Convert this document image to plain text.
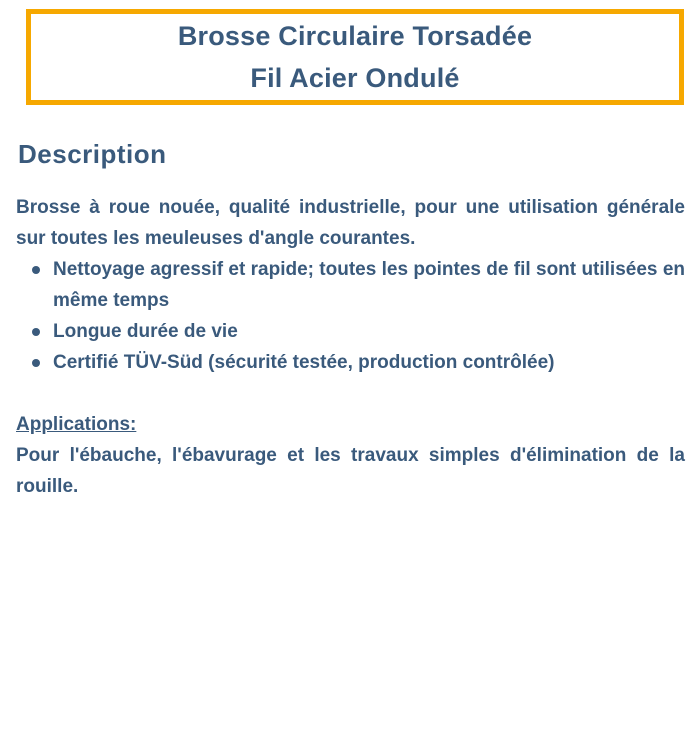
Brosse Circulaire Torsadée
Fil Acier Ondulé
Description

Brosse à roue nouée, qualité industrielle, pour une utilisation générale sur toutes les meuleuses d'angle courantes.

Nettoyage agressif et rapide; toutes les pointes de fil sont utilisées en même temps
Longue durée de vie
Certifié TÜV-Süd (sécurité testée, production contrôlée)

Applications:

Pour l'ébauche, l'ébavurage et les travaux simples d'élimination de la rouille.
